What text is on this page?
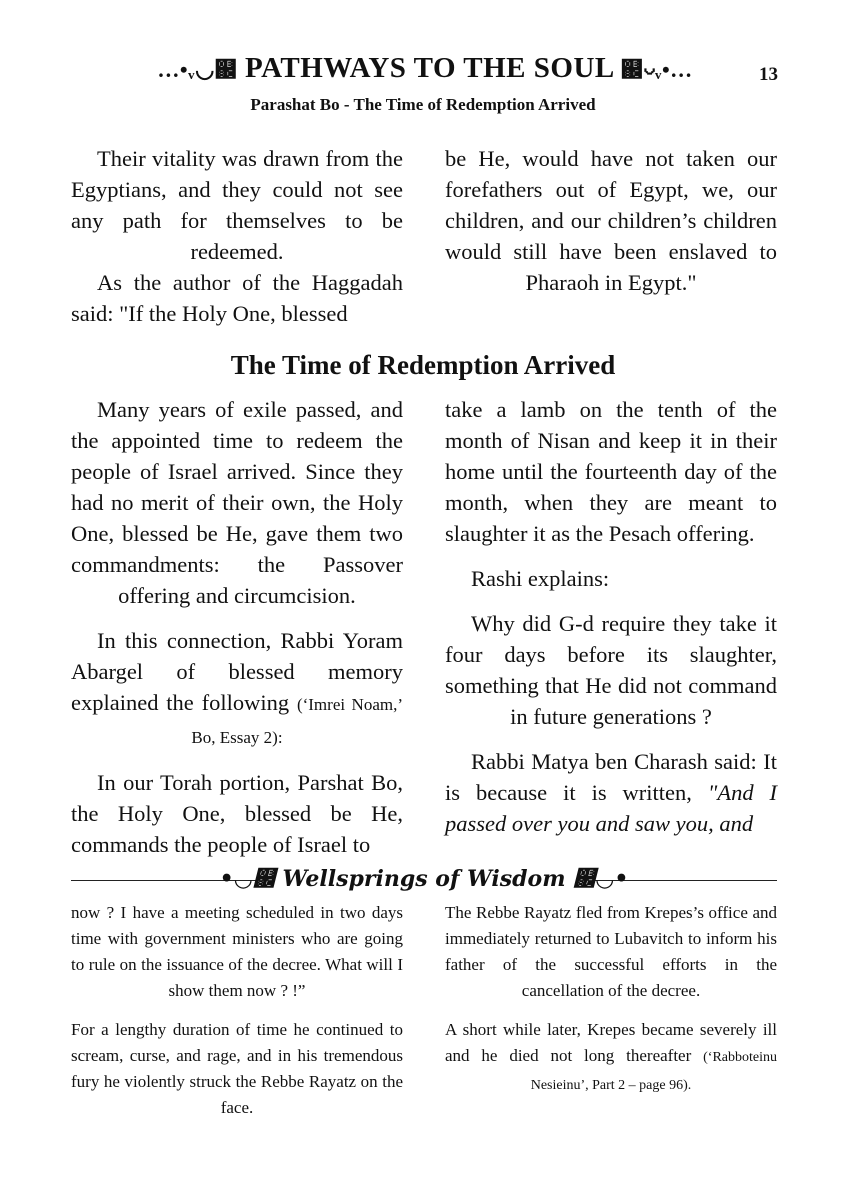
…•ᵥ◡஌ PATHWAYS TO THE SOUL ஌◡ᵥ•…	13
Parashat Bo - The Time of Redemption Arrived

Their vitality was drawn from the Egyptians, and they could not see any path for themselves to be redeemed.

As the author of the Haggadah said: "If the Holy One, blessed

be He, would have not taken our forefathers out of Egypt, we, our children, and our children’s children would still have been enslaved to Pharaoh in Egypt."

The Time of Redemption Arrived

Many years of exile passed, and the appointed time to redeem the people of Israel arrived. Since they had no merit of their own, the Holy One, blessed be He, gave them two commandments: the Passover offering and circumcision.

In this connection, Rabbi Yoram Abargel of blessed memory explained the following (‘Imrei Noam,’ Bo, Essay 2):

In our Torah portion, Parshat Bo, the Holy One, blessed be He, commands the people of Israel to

take a lamb on the tenth of the month of Nisan and keep it in their home until the fourteenth day of the month, when they are meant to slaughter it as the Pesach offering.

Rashi explains:

Why did G-d require they take it four days before its slaughter, something that He did not command in future generations ?

Rabbi Matya ben Charash said: It is because it is written, "And I passed over you and saw you, and

•◡஌ Wellsprings of Wisdom ஌◡•

now ? I have a meeting scheduled in two days time with government ministers who are going to rule on the issuance of the decree. What will I show them now ? !”

For a lengthy duration of time he continued to scream, curse, and rage, and in his tremendous fury he violently struck the Rebbe Rayatz on the face.

The Rebbe Rayatz fled from Krepes’s office and immediately returned to Lubavitch to inform his father of the successful efforts in the cancellation of the decree.

A short while later, Krepes became severely ill and he died not long thereafter (‘Rabboteinu Nesieinu’, Part 2 – page 96).
